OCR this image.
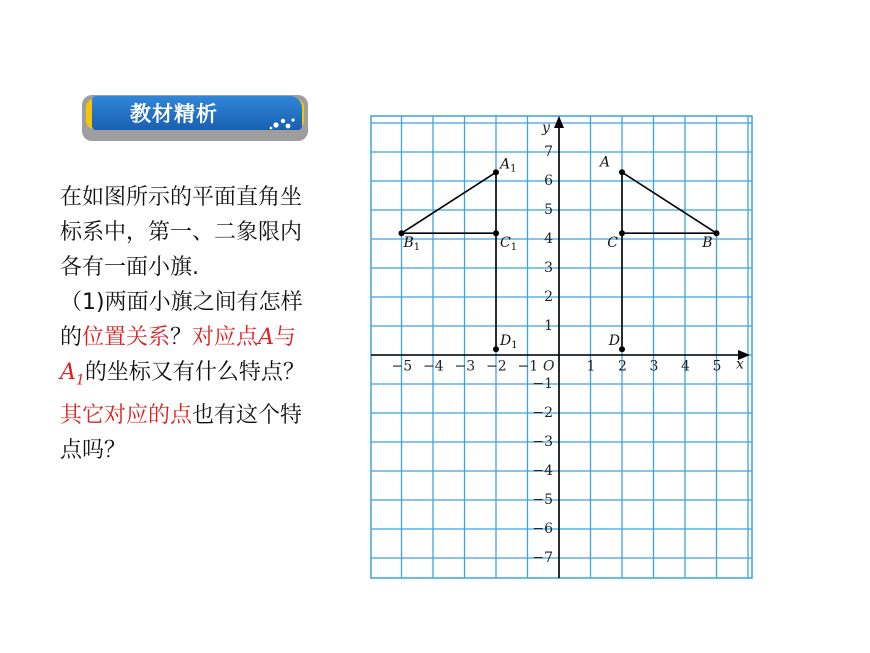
教材精析

在如图所示的平面直角坐标系中，第一、二象限内各有一面小旗.

（1)两面小旗之间有怎样的位置关系？对应点A与$A_1$的坐标又有什么特点？其它对应的点也有这个特点吗？

−5 −4 −3 −2 −1	1 2 3 4 5
−7
−6
−5
−4
−3
−2
−1
1
2
3
4
5
6
7
O	x
y
A
B
C
D
$A_1$
$B_1$	$C_1$
$D_1$
